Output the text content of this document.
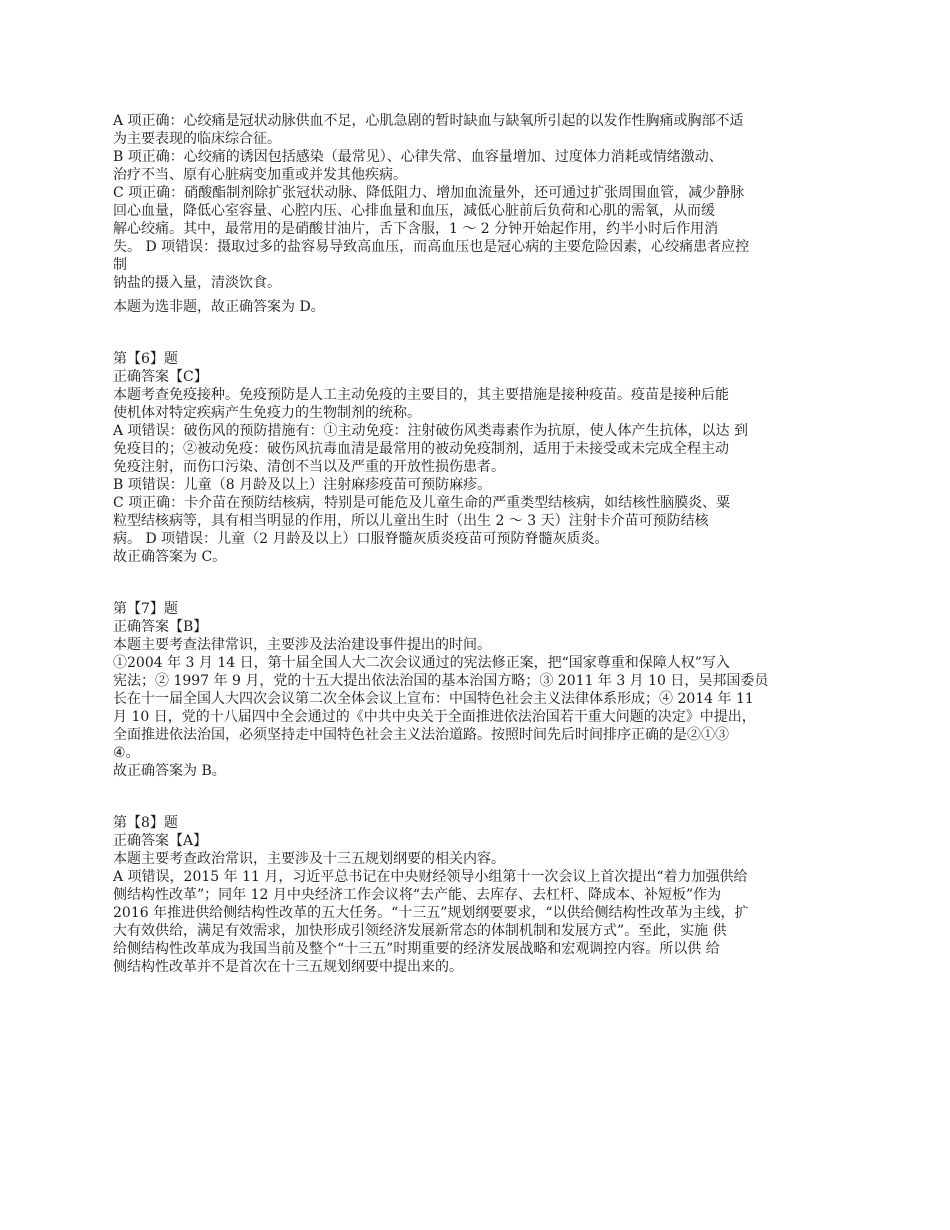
A 项正确：心绞痛是冠状动脉供血不足，心肌急剧的暂时缺血与缺氧所引起的以发作性胸痛或胸部不适
为主要表现的临床综合征。
B 项正确：心绞痛的诱因包括感染（最常见）、心律失常、血容量增加、过度体力消耗或情绪激动、
治疗不当、原有心脏病变加重或并发其他疾病。
C 项正确：硝酸酯制剂除扩张冠状动脉、降低阻力、增加血流量外，还可通过扩张周围血管，减少静脉
回心血量，降低心室容量、心腔内压、心排血量和血压，减低心脏前后负荷和心肌的需氧，从而缓
解心绞痛。其中，最常用的是硝酸甘油片，舌下含服，1 〜 2 分钟开始起作用，约半小时后作用消
失。 D 项错误：摄取过多的盐容易导致高血压，而高血压也是冠心病的主要危险因素，心绞痛患者应控
制
钠盐的摄入量，清淡饮食。
本题为选非题，故正确答案为 D。
第【6】题
正确答案【C】
本题考查免疫接种。免疫预防是人工主动免疫的主要目的，其主要措施是接种疫苗。疫苗是接种后能
使机体对特定疾病产生免疫力的生物制剂的统称。
A 项错误：破伤风的预防措施有：①主动免疫：注射破伤风类毒素作为抗原，使人体产生抗体，以达 到
免疫目的；②被动免疫：破伤风抗毒血清是最常用的被动免疫制剂，适用于未接受或未完成全程主动
免疫注射，而伤口污染、清创不当以及严重的开放性损伤患者。
B 项错误：儿童（8 月龄及以上）注射麻疹疫苗可预防麻疹。
C 项正确：卡介苗在预防结核病，特别是可能危及儿童生命的严重类型结核病，如结核性脑膜炎、粟
粒型结核病等，具有相当明显的作用，所以儿童出生时（出生 2 〜 3 天）注射卡介苗可预防结核
病。 D 项错误：儿童（2 月龄及以上）口服脊髓灰质炎疫苗可预防脊髓灰质炎。
故正确答案为 C。
第【7】题
正确答案【B】
本题主要考查法律常识，主要涉及法治建设事件提出的时间。
①2004 年 3 月 14 日，第十届全国人大二次会议通过的宪法修正案，把“国家尊重和保障人权”写入
宪法；② 1997 年 9 月，党的十五大提出依法治国的基本治国方略；③ 2011 年 3 月 10 日，吴邦国委员
长在十一届全国人大四次会议第二次全体会议上宣布：中国特色社会主义法律体系形成；④ 2014 年 11
月 10 日，党的十八届四中全会通过的《中共中央关于全面推进依法治国若干重大问题的决定》中提出，
全面推进依法治国，必须坚持走中国特色社会主义法治道路。按照时间先后时间排序正确的是②①③
④。
故正确答案为 B。
第【8】题
正确答案【A】
本题主要考查政治常识，主要涉及十三五规划纲要的相关内容。
A 项错误，2015 年 11 月，习近平总书记在中央财经领导小组第十一次会议上首次提出“着力加强供给
侧结构性改革”；同年 12 月中央经济工作会议将“去产能、去库存、去杠杆、降成本、补短板”作为
2016 年推进供给侧结构性改革的五大任务。“十三五”规划纲要要求，“以供给侧结构性改革为主线，扩
大有效供给，满足有效需求，加快形成引领经济发展新常态的体制机制和发展方式”。至此，实施 供
给侧结构性改革成为我国当前及整个“十三五”时期重要的经济发展战略和宏观调控内容。所以供 给
侧结构性改革并不是首次在十三五规划纲要中提出来的。
